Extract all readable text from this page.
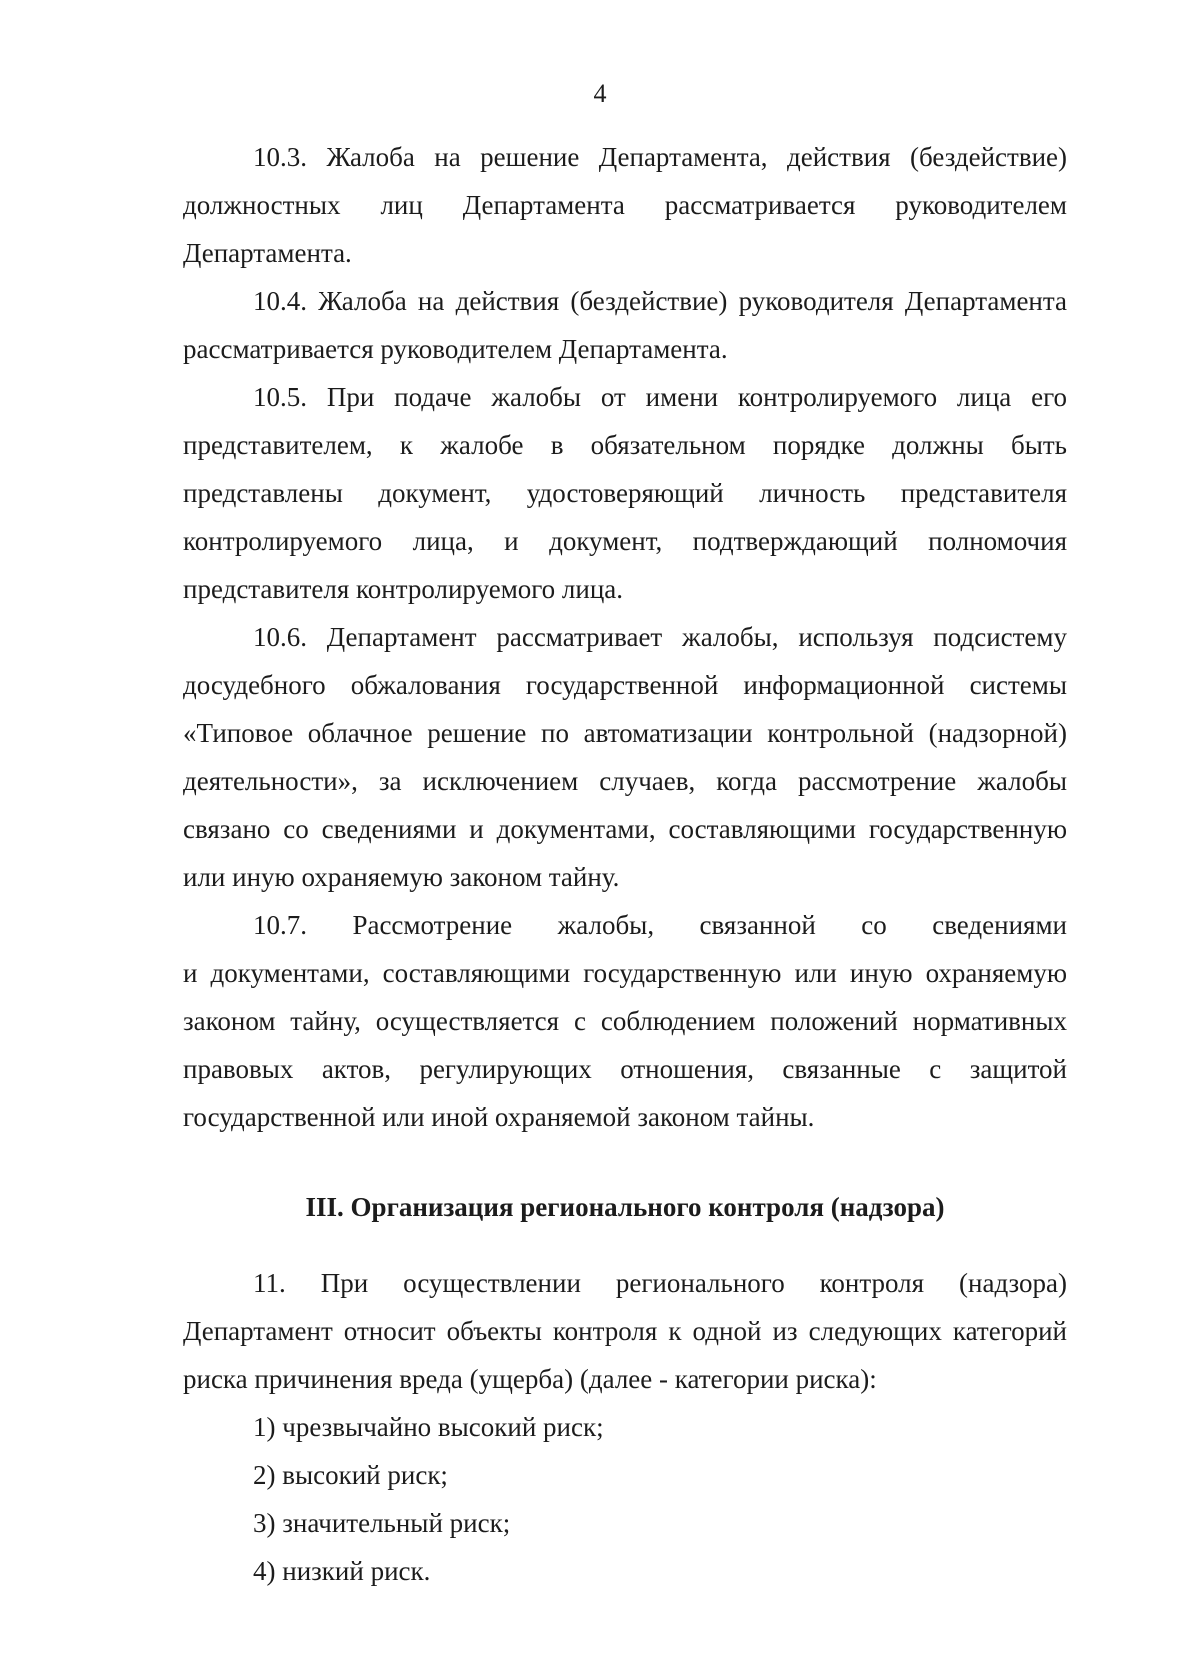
4

10.3. Жалоба на решение Департамента, действия (бездействие)
должностных лиц Департамента рассматривается руководителем
Департамента.

10.4. Жалоба на действия (бездействие) руководителя Департамента
рассматривается руководителем Департамента.

10.5. При подаче жалобы от имени контролируемого лица его
представителем, к жалобе в обязательном порядке должны быть
представлены документ, удостоверяющий личность представителя
контролируемого лица, и документ, подтверждающий полномочия
представителя контролируемого лица.

10.6. Департамент рассматривает жалобы, используя подсистему
досудебного обжалования государственной информационной системы
«Типовое облачное решение по автоматизации контрольной (надзорной)
деятельности», за исключением случаев, когда рассмотрение жалобы
связано со сведениями и документами, составляющими государственную
или иную охраняемую законом тайну.

10.7. Рассмотрение жалобы, связанной со сведениями
и документами, составляющими государственную или иную охраняемую
законом тайну, осуществляется с соблюдением положений нормативных
правовых актов, регулирующих отношения, связанные с защитой
государственной или иной охраняемой законом тайны.

III. Организация регионального контроля (надзора)

11. При осуществлении регионального контроля (надзора)
Департамент относит объекты контроля к одной из следующих категорий
риска причинения вреда (ущерба) (далее - категории риска):

1) чрезвычайно высокий риск;

2) высокий риск;

3) значительный риск;

4) низкий риск.
